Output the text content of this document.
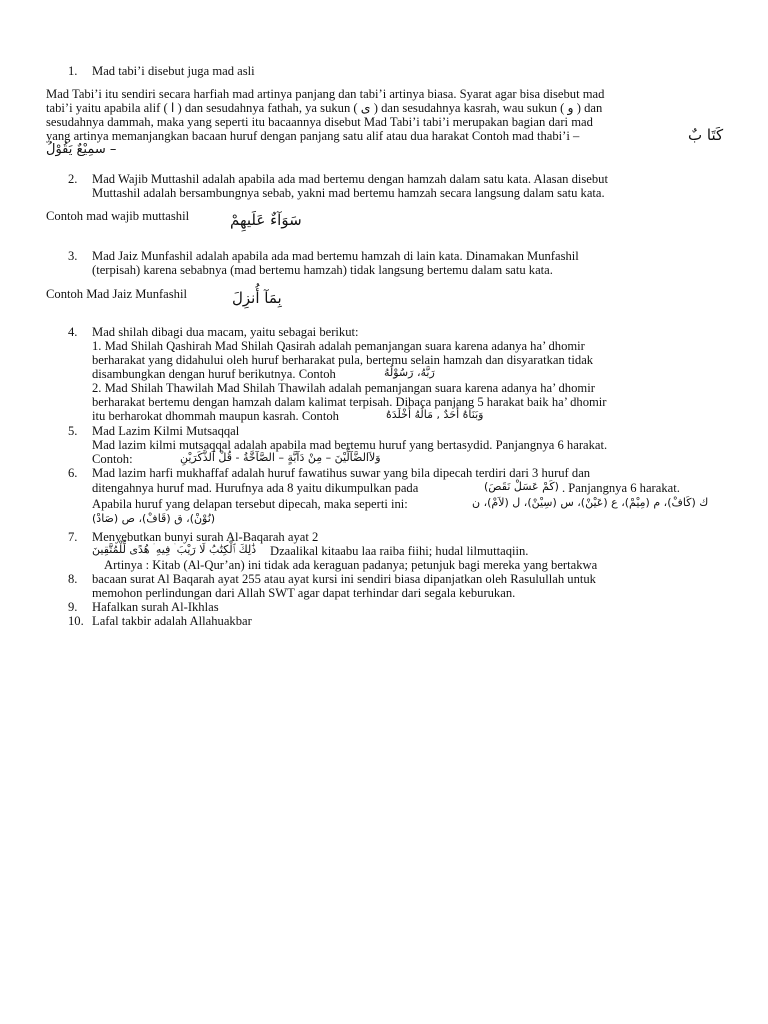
1. Mad tabi’i disebut juga mad asli
Mad Tabi’i itu sendiri secara harfiah mad artinya panjang dan tabi’i artinya biasa. Syarat agar bisa disebut mad
tabi’i yaitu apabila alif ( ا ) dan sesudahnya fathah, ya sukun ( ى ) dan sesudahnya kasrah, wau sukun ( و ) dan
sesudahnya dammah, maka yang seperti itu bacaannya disebut Mad Tabi’i tabi’i merupakan bagian dari mad
yang artinya memanjangkan bacaan huruf dengan panjang satu alif atau dua harakat Contoh mad thabi’i –	كَتَا بٌ
– سمِيْعٌ يَقُوْلُ
2. Mad Wajib Muttashil adalah apabila ada mad bertemu dengan hamzah dalam satu kata. Alasan disebut
Muttashil adalah bersambungnya sebab, yakni mad bertemu hamzah secara langsung dalam satu kata.
Contoh mad wajib muttashil	سَوَآءٌ عَلَيهِمْ
3. Mad Jaiz Munfashil adalah apabila ada mad bertemu hamzah di lain kata. Dinamakan Munfashil
(terpisah) karena sebabnya (mad bertemu hamzah) tidak langsung bertemu dalam satu kata.
Contoh Mad Jaiz Munfashil	بِمَآ أُنزِلَ
4. Mad shilah dibagi dua macam, yaitu sebagai berikut:
1. Mad Shilah Qashirah Mad Shilah Qasirah adalah pemanjangan suara karena adanya ha’ dhomir
berharakat yang didahului oleh huruf berharakat pula, bertemu selain hamzah dan disyaratkan tidak
disambungkan dengan huruf berikutnya. Contoh	رَبَّهُ، رَسُوْلُهُ
2. Mad Shilah Thawilah Mad Shilah Thawilah adalah pemanjangan suara karena adanya ha’ dhomir
berharakat bertemu dengan hamzah dalam kalimat terpisah. Dibaca panjang 5 harakat baik ha’ dhomir
itu berharokat dhommah maupun kasrah. Contoh	وَبَنَاهُ أَحَدٌ , مَالُهُ أَخْلَدَهُ
5. Mad Lazim Kilmi Mutsaqqal
Mad lazim kilmi mutsaqqal adalah apabila mad bertemu huruf yang bertasydid. Panjangnya 6 harakat.
Contoh:	وَلاَالضَّآلِّيْنَ – مِنْ دَآبَّةٍ – الصَّآخَّةُ - قُلْ آلذَّكَرَيْنِ
6. Mad lazim harfi mukhaffaf adalah huruf fawatihus suwar yang bila dipecah terdiri dari 3 huruf dan
ditengahnya huruf mad. Hurufnya ada 8 yaitu dikumpulkan pada	(كَمْ عَسَلْ نَقَصَ) . Panjangnya 6 harakat.
Apabila huruf yang delapan tersebut dipecah, maka seperti ini:	ك (كَافْ)، م (مِيْمْ)، ع (عَيْنْ)، س (سِيْنْ)، ل (لاَمْ)، ن
(نُوْنْ)، ق (قَافْ)، ص (صَادْ)
7. Menyebutkan bunyi surah Al-Baqarah ayat 2
ذَٰلِكَ ٱلْكِتَٰبُ لَا رَيْبَ ۛ فِيهِ ۛ هُدًى لِّلْمُتَّقِينَ Dzaalikal kitaabu laa raiba fiihi; hudal lilmuttaqiin.
Artinya : Kitab (Al-Qur’an) ini tidak ada keraguan padanya; petunjuk bagi mereka yang bertakwa
8. bacaan surat Al Baqarah ayat 255 atau ayat kursi ini sendiri biasa dipanjatkan oleh Rasulullah untuk
memohon perlindungan dari Allah SWT agar dapat terhindar dari segala keburukan.
9. Hafalkan surah Al-Ikhlas
10. Lafal takbir adalah Allahuakbar
